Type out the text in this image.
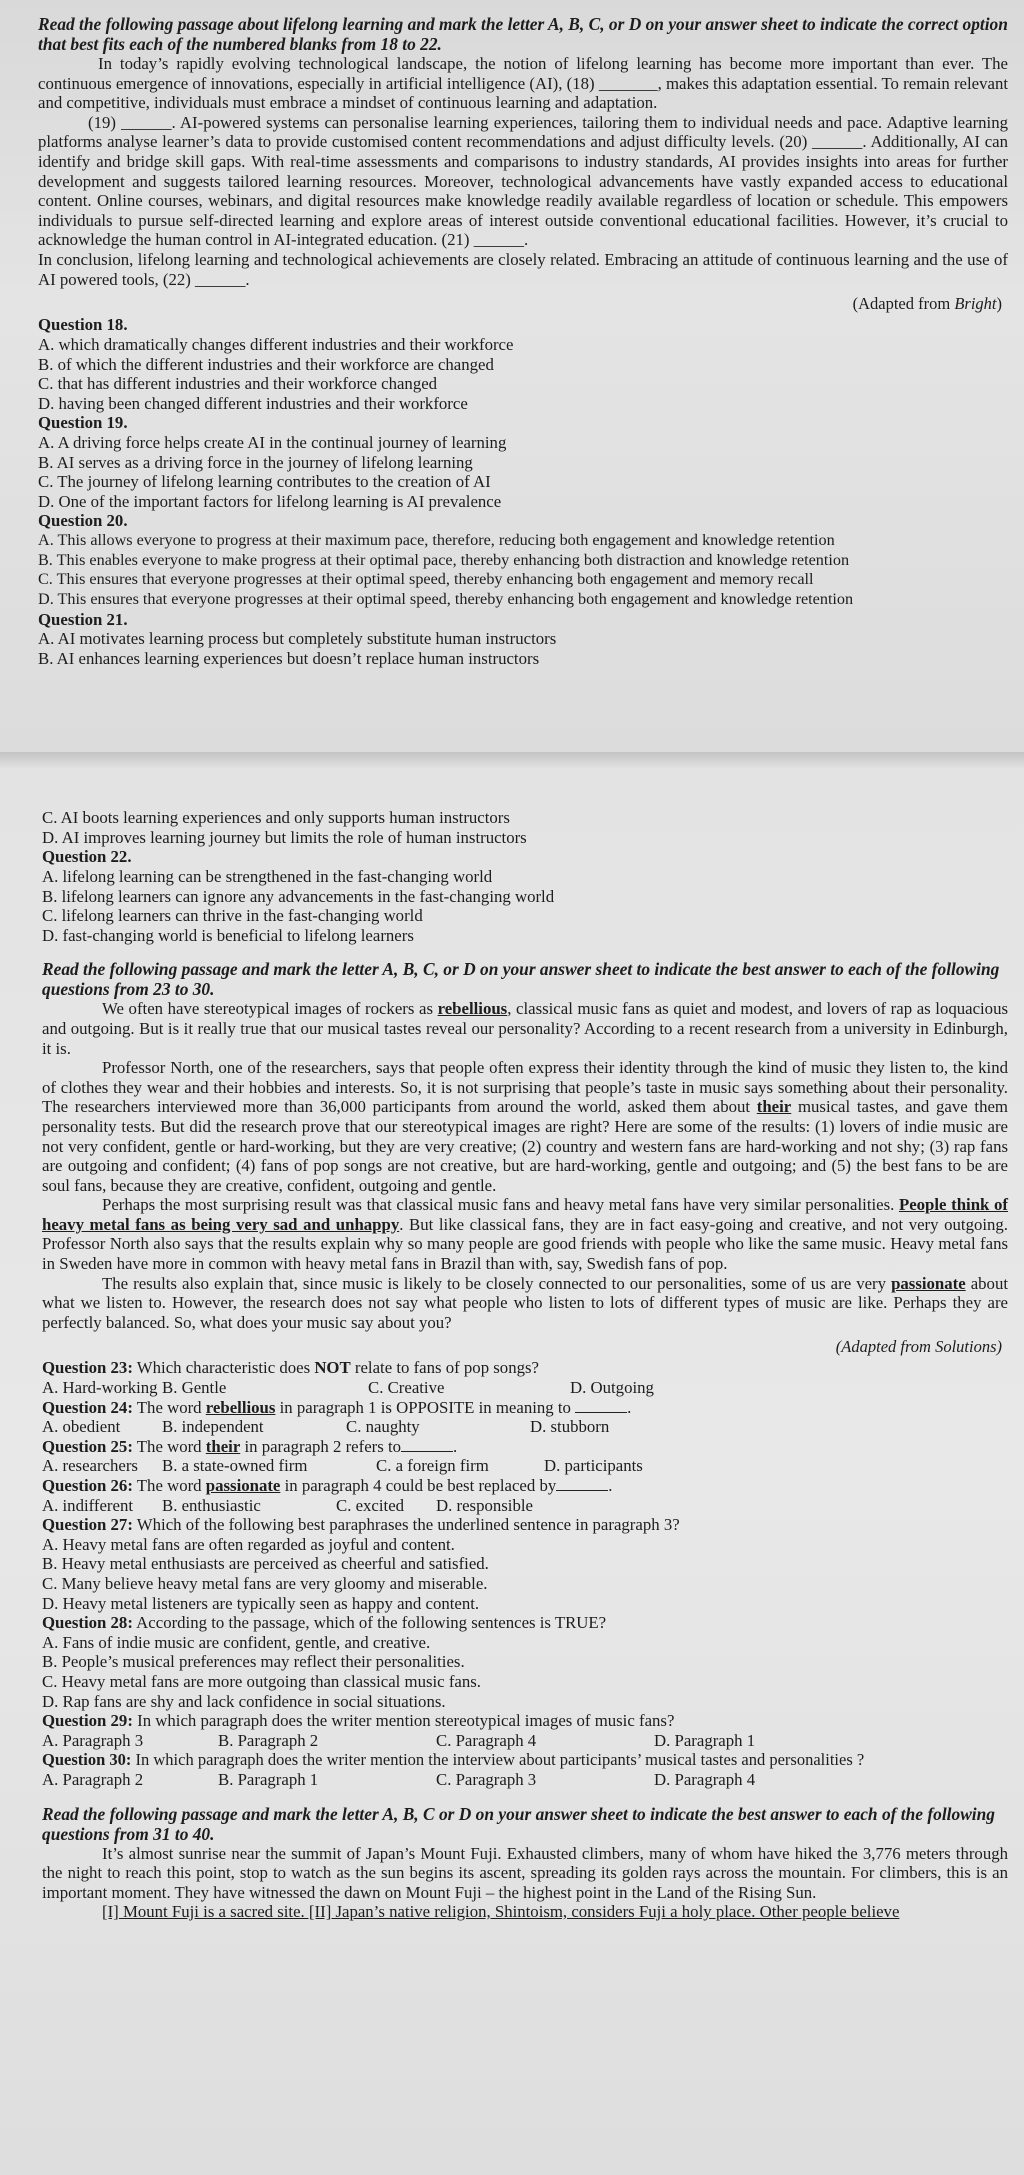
Read the following passage about lifelong learning and mark the letter A, B, C, or D on your answer sheet to indicate the correct option that best fits each of the numbered blanks from 18 to 22.

In today’s rapidly evolving technological landscape, the notion of lifelong learning has become more important than ever. The continuous emergence of innovations, especially in artificial intelligence (AI), (18) _______, makes this adaptation essential. To remain relevant and competitive, individuals must embrace a mindset of continuous learning and adaptation.

(19) ______. AI-powered systems can personalise learning experiences, tailoring them to individual needs and pace. Adaptive learning platforms analyse learner’s data to provide customised content recommendations and adjust difficulty levels. (20) ______. Additionally, AI can identify and bridge skill gaps. With real-time assessments and comparisons to industry standards, AI provides insights into areas for further development and suggests tailored learning resources. Moreover, technological advancements have vastly expanded access to educational content. Online courses, webinars, and digital resources make knowledge readily available regardless of location or schedule. This empowers individuals to pursue self-directed learning and explore areas of interest outside conventional educational facilities. However, it’s crucial to acknowledge the human control in AI-integrated education. (21) ______.

In conclusion, lifelong learning and technological achievements are closely related. Embracing an attitude of continuous learning and the use of AI powered tools, (22) ______.

(Adapted from Bright)

Question 18.

A. which dramatically changes different industries and their workforce

B. of which the different industries and their workforce are changed

C. that has different industries and their workforce changed

D. having been changed different industries and their workforce

Question 19.

A. A driving force helps create AI in the continual journey of learning

B. AI serves as a driving force in the journey of lifelong learning

C. The journey of lifelong learning contributes to the creation of AI

D. One of the important factors for lifelong learning is AI prevalence

Question 20.

A. This allows everyone to progress at their maximum pace, therefore, reducing both engagement and knowledge retention

B. This enables everyone to make progress at their optimal pace, thereby enhancing both distraction and knowledge retention

C. This ensures that everyone progresses at their optimal speed, thereby enhancing both engagement and memory recall

D. This ensures that everyone progresses at their optimal speed, thereby enhancing both engagement and knowledge retention

Question 21.

A. AI motivates learning process but completely substitute human instructors

B. AI enhances learning experiences but doesn’t replace human instructors

C. AI boots learning experiences and only supports human instructors

D. AI improves learning journey but limits the role of human instructors

Question 22.

A. lifelong learning can be strengthened in the fast-changing world

B. lifelong learners can ignore any advancements in the fast-changing world

C. lifelong learners can thrive in the fast-changing world

D. fast-changing world is beneficial to lifelong learners

Read the following passage and mark the letter A, B, C, or D on your answer sheet to indicate the best answer to each of the following questions from 23 to 30.

We often have stereotypical images of rockers as rebellious, classical music fans as quiet and modest, and lovers of rap as loquacious and outgoing. But is it really true that our musical tastes reveal our personality? According to a recent research from a university in Edinburgh, it is.

Professor North, one of the researchers, says that people often express their identity through the kind of music they listen to, the kind of clothes they wear and their hobbies and interests. So, it is not surprising that people’s taste in music says something about their personality. The researchers interviewed more than 36,000 participants from around the world, asked them about their musical tastes, and gave them personality tests. But did the research prove that our stereotypical images are right? Here are some of the results: (1) lovers of indie music are not very confident, gentle or hard-working, but they are very creative; (2) country and western fans are hard-working and not shy; (3) rap fans are outgoing and confident; (4) fans of pop songs are not creative, but are hard-working, gentle and outgoing; and (5) the best fans to be are soul fans, because they are creative, confident, outgoing and gentle.

Perhaps the most surprising result was that classical music fans and heavy metal fans have very similar personalities. People think of heavy metal fans as being very sad and unhappy. But like classical fans, they are in fact easy-going and creative, and not very outgoing. Professor North also says that the results explain why so many people are good friends with people who like the same music. Heavy metal fans in Sweden have more in common with heavy metal fans in Brazil than with, say, Swedish fans of pop.

The results also explain that, since music is likely to be closely connected to our personalities, some of us are very passionate about what we listen to. However, the research does not say what people who listen to lots of different types of music are like. Perhaps they are perfectly balanced. So, what does your music say about you?

(Adapted from Solutions)

Question 23: Which characteristic does NOT relate to fans of pop songs?

A. Hard-working B. Gentle	C. Creative	D. Outgoing

Question 24: The word rebellious in paragraph 1 is OPPOSITE in meaning to	.

A. obedient	B. independent	C. naughty	D. stubborn

Question 25: The word their in paragraph 2 refers to	.

A. researchers	B. a state-owned firm	C. a foreign firm	D. participants

Question 26: The word passionate in paragraph 4 could be best replaced by	.

A. indifferent	B. enthusiastic	C. excited	D. responsible

Question 27: Which of the following best paraphrases the underlined sentence in paragraph 3?

A. Heavy metal fans are often regarded as joyful and content.

B. Heavy metal enthusiasts are perceived as cheerful and satisfied.

C. Many believe heavy metal fans are very gloomy and miserable.

D. Heavy metal listeners are typically seen as happy and content.

Question 28: According to the passage, which of the following sentences is TRUE?

A. Fans of indie music are confident, gentle, and creative.

B. People’s musical preferences may reflect their personalities.

C. Heavy metal fans are more outgoing than classical music fans.

D. Rap fans are shy and lack confidence in social situations.

Question 29: In which paragraph does the writer mention stereotypical images of music fans?

A. Paragraph 3	B. Paragraph 2	C. Paragraph 4	D. Paragraph 1

Question 30: In which paragraph does the writer mention the interview about participants’ musical tastes and personalities ?

A. Paragraph 2	B. Paragraph 1	C. Paragraph 3	D. Paragraph 4

Read the following passage and mark the letter A, B, C or D on your answer sheet to indicate the best answer to each of the following questions from 31 to 40.

It’s almost sunrise near the summit of Japan’s Mount Fuji. Exhausted climbers, many of whom have hiked the 3,776 meters through the night to reach this point, stop to watch as the sun begins its ascent, spreading its golden rays across the mountain. For climbers, this is an important moment. They have witnessed the dawn on Mount Fuji – the highest point in the Land of the Rising Sun.

[I] Mount Fuji is a sacred site. [II] Japan’s native religion, Shintoism, considers Fuji a holy place. Other people believe
